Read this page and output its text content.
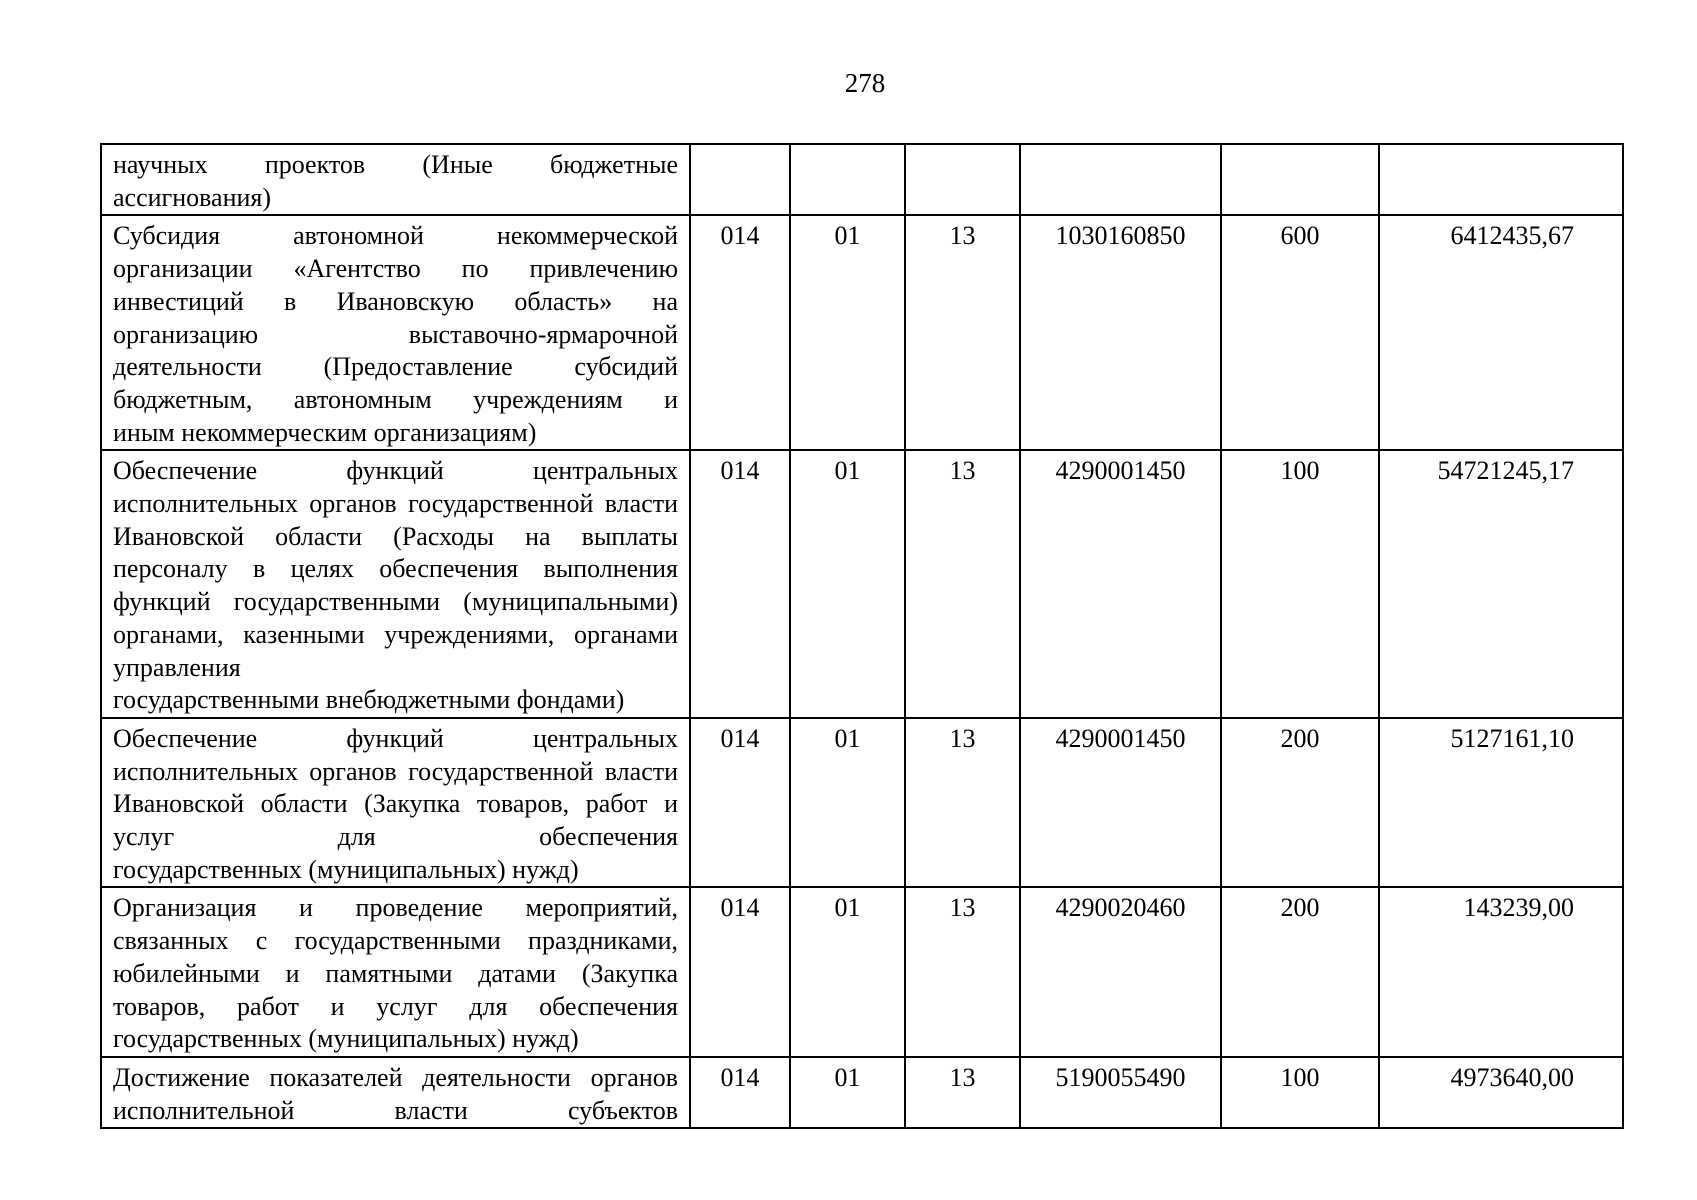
278
научных проектов (Иные бюджетные
ассигнования)						

Субсидия автономной некоммерческой организации «Агентство по привлечению инвестиций в Ивановскую область» на организацию выставочно-ярмарочной деятельности (Предоставление субсидий бюджетным, автономным учреждениям и
иным некоммерческим организациям)	014	01	13	1030160850	600	6412435,67
Обеспечение функций центральных исполнительных органов государственной власти Ивановской области (Расходы на выплаты персоналу в целях обеспечения выполнения функций государственными (муниципальными) органами, казенными учреждениями, органами управления
государственными внебюджетными фондами)	014	01	13	4290001450	100	54721245,17
Обеспечение функций центральных исполнительных органов государственной власти Ивановской области (Закупка товаров, работ и услуг для обеспечения
государственных (муниципальных) нужд)	014	01	13	4290001450	200	5127161,10
Организация и проведение мероприятий, связанных с государственными праздниками, юбилейными и памятными датами (Закупка товаров, работ и услуг для обеспечения
государственных (муниципальных) нужд)	014	01	13	4290020460	200	143239,00
Достижение показателей деятельности органов исполнительной власти субъектов	014	01	13	5190055490	100	4973640,00
